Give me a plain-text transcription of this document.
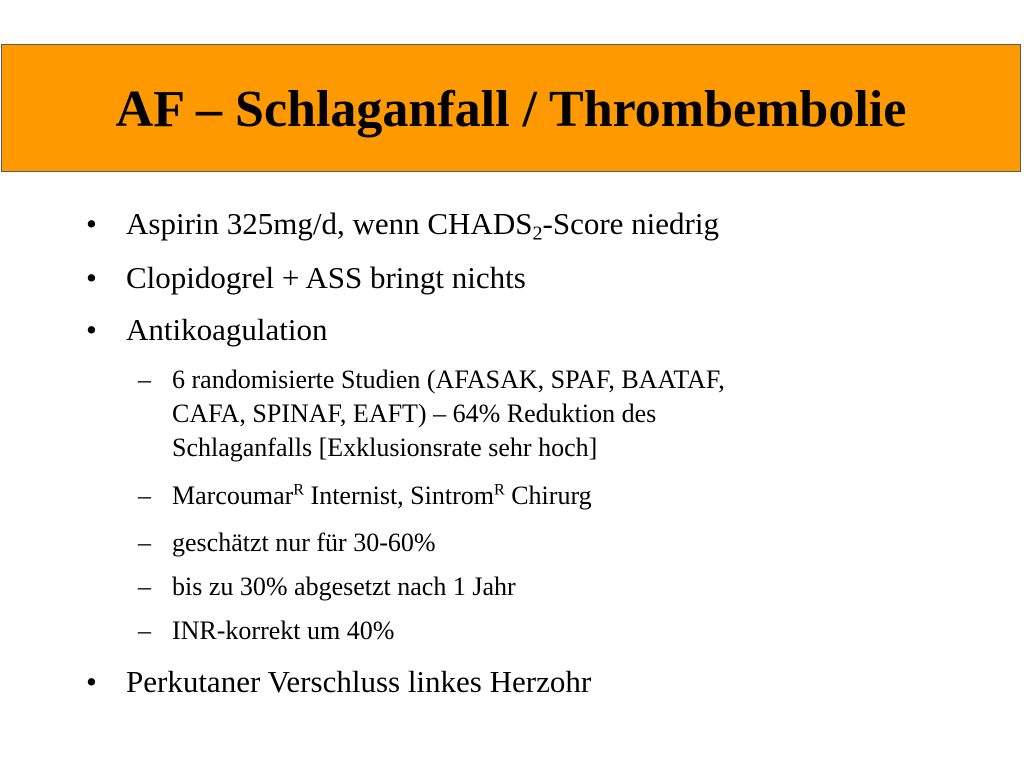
AF – Schlaganfall / Thrombembolie
• Aspirin 325mg/d, wenn $CHADS_2$-Score niedrig
• Clopidogrel + ASS bringt nichts
• Antikoagulation
– 6 randomisierte Studien (AFASAK, SPAF, BAATAF,
CAFA, SPINAF, EAFT) – 64% Reduktion des
Schlaganfalls [Exklusionsrate sehr hoch]
– Marcoumar$^R$ Internist, Sintrom$^R$ Chirurg
– geschätzt nur für 30-60%
– bis zu 30% abgesetzt nach 1 Jahr
– INR-korrekt um 40%
• Perkutaner Verschluss linkes Herzohr
